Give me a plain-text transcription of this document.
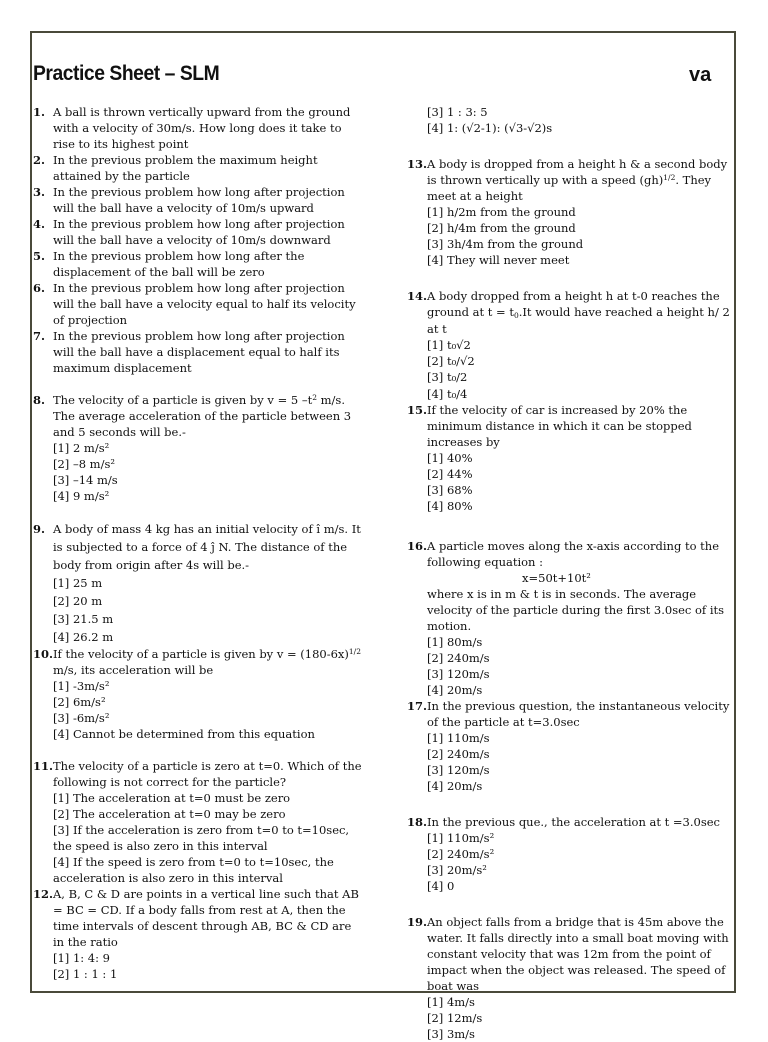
Practice Sheet – SLM	va
1. A ball is thrown vertically upward from the ground with a velocity of 30m/s. How long does it take to rise to its highest point
2. In the previous problem the maximum height attained by the particle
3. In the previous problem how long after projection will the ball have a velocity of 10m/s upward
4. In the previous problem how long after projection will the ball have a velocity of 10m/s downward
5. In the previous problem how long after the displacement of the ball will be zero
6. In the previous problem how long after projection will the ball have a velocity equal to half its velocity of projection
7. In the previous problem how long after projection will the ball have a displacement equal to half its maximum displacement
8. The velocity of a particle is given by v = 5 $-t^2$ m/s. The average acceleration of the particle between 3 and 5 seconds will be.-
[1] 2 m/s²
[2] –8 m/s²
[3] –14 m/s
[4] 9 m/s²
9. A body of mass 4 kg has an initial velocity of î m/s. It is subjected to a force of 4 ĵ N. The distance of the body from origin after 4s will be.-
[1] 25 m
[2] 20 m
[3] 21.5 m
[4] 26.2 m
10. If the velocity of a particle is given by $v = (180-6x)^{1/2}$ m/s, its acceleration will be
[1] -3m/s²
[2] 6m/s²
[3] -6m/s²
[4] Cannot be determined from this equation
11. The velocity of a particle is zero at t=0. Which of the following is not correct for the particle?
[1] The acceleration at t=0 must be zero
[2] The acceleration at t=0 may be zero
[3] If the acceleration is zero from t=0 to t=10sec, the speed is also zero in this interval
[4] If the speed is zero from t=0 to t=10sec, the acceleration is also zero in this interval
12. A, B, C & D are points in a vertical line such that AB = BC = CD. If a body falls from rest at A, then the time intervals of descent through AB, BC & CD are in the ratio
[1] 1: 4: 9
[2] 1 : 1 : 1
[3] 1 : 3: 5
[4] 1: (√2-1): (√3-√2)s
13. A body is dropped from a height h & a second body is thrown vertically up with a speed (gh)$^{1/2}$. They meet at a height
[1] h/2m from the ground
[2] h/4m from the ground
[3] 3h/4m from the ground
[4] They will never meet
14. A body dropped from a height h at t-0 reaches the ground at $t = t_0.It$ would have reached a height h/ 2 at t
[1] t₀√2
[2] t₀/√2
[3] t₀/2
[4] t₀/4
15. If the velocity of car is increased by 20% the minimum distance in which it can be stopped increases by
[1] 40%
[2] 44%
[3] 68%
[4] 80%
16. A particle moves along the x-axis according to the following equation :
x=50t+10t²
where x is in m & t is in seconds. The average velocity of the particle during the first 3.0sec of its motion.
[1] 80m/s
[2] 240m/s
[3] 120m/s
[4] 20m/s
17. In the previous question, the instantaneous velocity of the particle at t=3.0sec
[1] 110m/s
[2] 240m/s
[3] 120m/s
[4] 20m/s
18. In the previous que., the acceleration at t =3.0sec
[1] 110m/s²
[2] 240m/s²
[3] 20m/s²
[4] 0
19. An object falls from a bridge that is 45m above the water. It falls directly into a small boat moving with constant velocity that was 12m from the point of impact when the object was released. The speed of boat was
[1] 4m/s
[2] 12m/s
[3] 3m/s
